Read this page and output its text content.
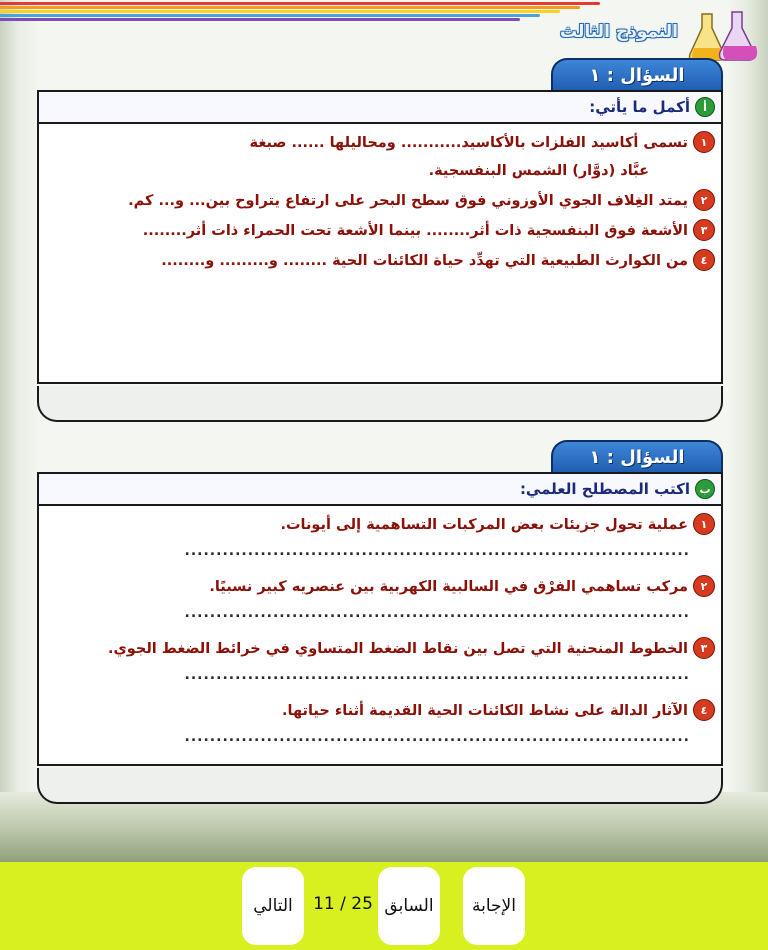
النموذج الثالث
السؤال : ١
أ
أكمل ما يأتي:
١
تسمى أكاسيد الفلزات بالأكاسيد........... ومحاليلها ...... صبغة
عبَّاد (دوَّار) الشمس البنفسجية.
٢
يمتد الغِلاف الجوي الأوزوني فوق سطح البحر على ارتفاع يتراوح بين... و... كم.
٣
الأشعة فوق البنفسجية ذات أثر........ بينما الأشعة تحت الحمراء ذات أثر........
٤
من الكوارث الطبيعية التي تهدِّد حياة الكائنات الحية ........ و......... و........
السؤال : ١
ب
اكتب المصطلح العلمي:
١
عملية تحول جزيئات بعض المركبات التساهمية إلى أيونات.
................................................................................
٢
مركب تساهمي الفرْق في السالبية الكهربية بين عنصريه كبير نسبيًا.
................................................................................
٣
الخطوط المنحنية التي تصل بين نقاط الضغط المتساوي في خرائط الضغط الجوي.
................................................................................
٤
الآثار الدالة على نشاط الكائنات الحية القديمة أثناء حياتها.
................................................................................
التالي	11 / 25 السابق	الإجابة
